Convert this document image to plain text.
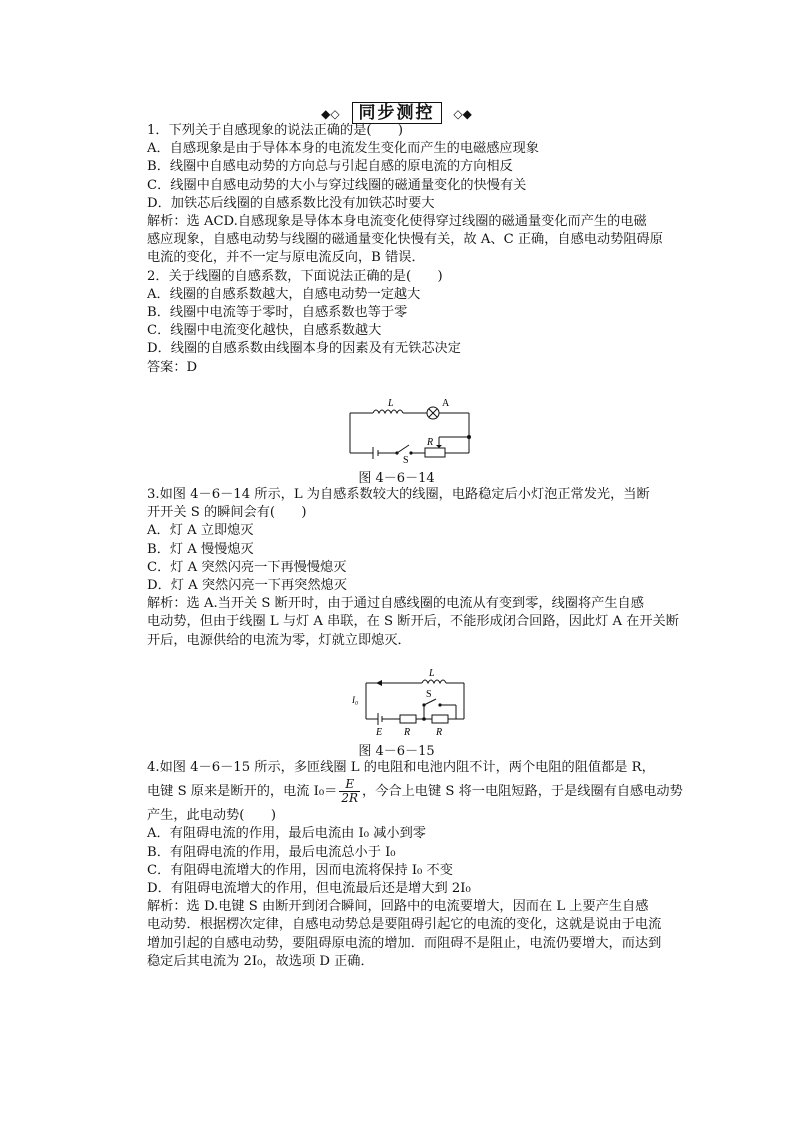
◆◇ 同步测控 ◇◆

1．下列关于自感现象的说法正确的是(　　)

A．自感现象是由于导体本身的电流发生变化而产生的电磁感应现象

B．线圈中自感电动势的方向总与引起自感的原电流的方向相反

C．线圈中自感电动势的大小与穿过线圈的磁通量变化的快慢有关

D．加铁芯后线圈的自感系数比没有加铁芯时要大

解析：选 ACD.自感现象是导体本身电流变化使得穿过线圈的磁通量变化而产生的电磁

感应现象，自感电动势与线圈的磁通量变化快慢有关，故 A、C 正确，自感电动势阻碍原

电流的变化，并不一定与原电流反向，B 错误．

2．关于线圈的自感系数，下面说法正确的是(　　)

A．线圈的自感系数越大，自感电动势一定越大

B．线圈中电流等于零时，自感系数也等于零

C．线圈中电流变化越快，自感系数越大

D．线圈的自感系数由线圈本身的因素及有无铁芯决定

答案：D

L	A
R
S
图 4－6－14

3.如图 4－6－14 所示，L 为自感系数较大的线圈，电路稳定后小灯泡正常发光，当断

开开关 S 的瞬间会有(　　)

A．灯 A 立即熄灭

B．灯 A 慢慢熄灭

C．灯 A 突然闪亮一下再慢慢熄灭

D．灯 A 突然闪亮一下再突然熄灭

解析：选 A.当开关 S 断开时，由于通过自感线圈的电流从有变到零，线圈将产生自感

电动势，但由于线圈 L 与灯 A 串联，在 S 断开后，不能形成闭合回路，因此灯 A 在开关断

开后，电源供给的电流为零，灯就立即熄灭．

L
S
I₀
E R	R
图 4－6－15

4.如图 4－6－15 所示，多匝线圈 L 的电阻和电池内阻不计，两个电阻的阻值都是 R，

电键 S 原来是断开的，电流 $I_0= \frac{E}{2R}$ ，今合上电键 S 将一电阻短路，于是线圈有自感电动势

产生，此电动势(　　)

A．有阻碍电流的作用，最后电流由 I₀ 减小到零

B．有阻碍电流的作用，最后电流总小于 I₀

C．有阻碍电流增大的作用，因而电流将保持 I₀ 不变

D．有阻碍电流增大的作用，但电流最后还是增大到 2I₀

解析：选 D.电键 S 由断开到闭合瞬间，回路中的电流要增大，因而在 L 上要产生自感

电动势．根据楞次定律，自感电动势总是要阻碍引起它的电流的变化，这就是说由于电流

增加引起的自感电动势，要阻碍原电流的增加．而阻碍不是阻止，电流仍要增大，而达到

稳定后其电流为 2I₀，故选项 D 正确．
